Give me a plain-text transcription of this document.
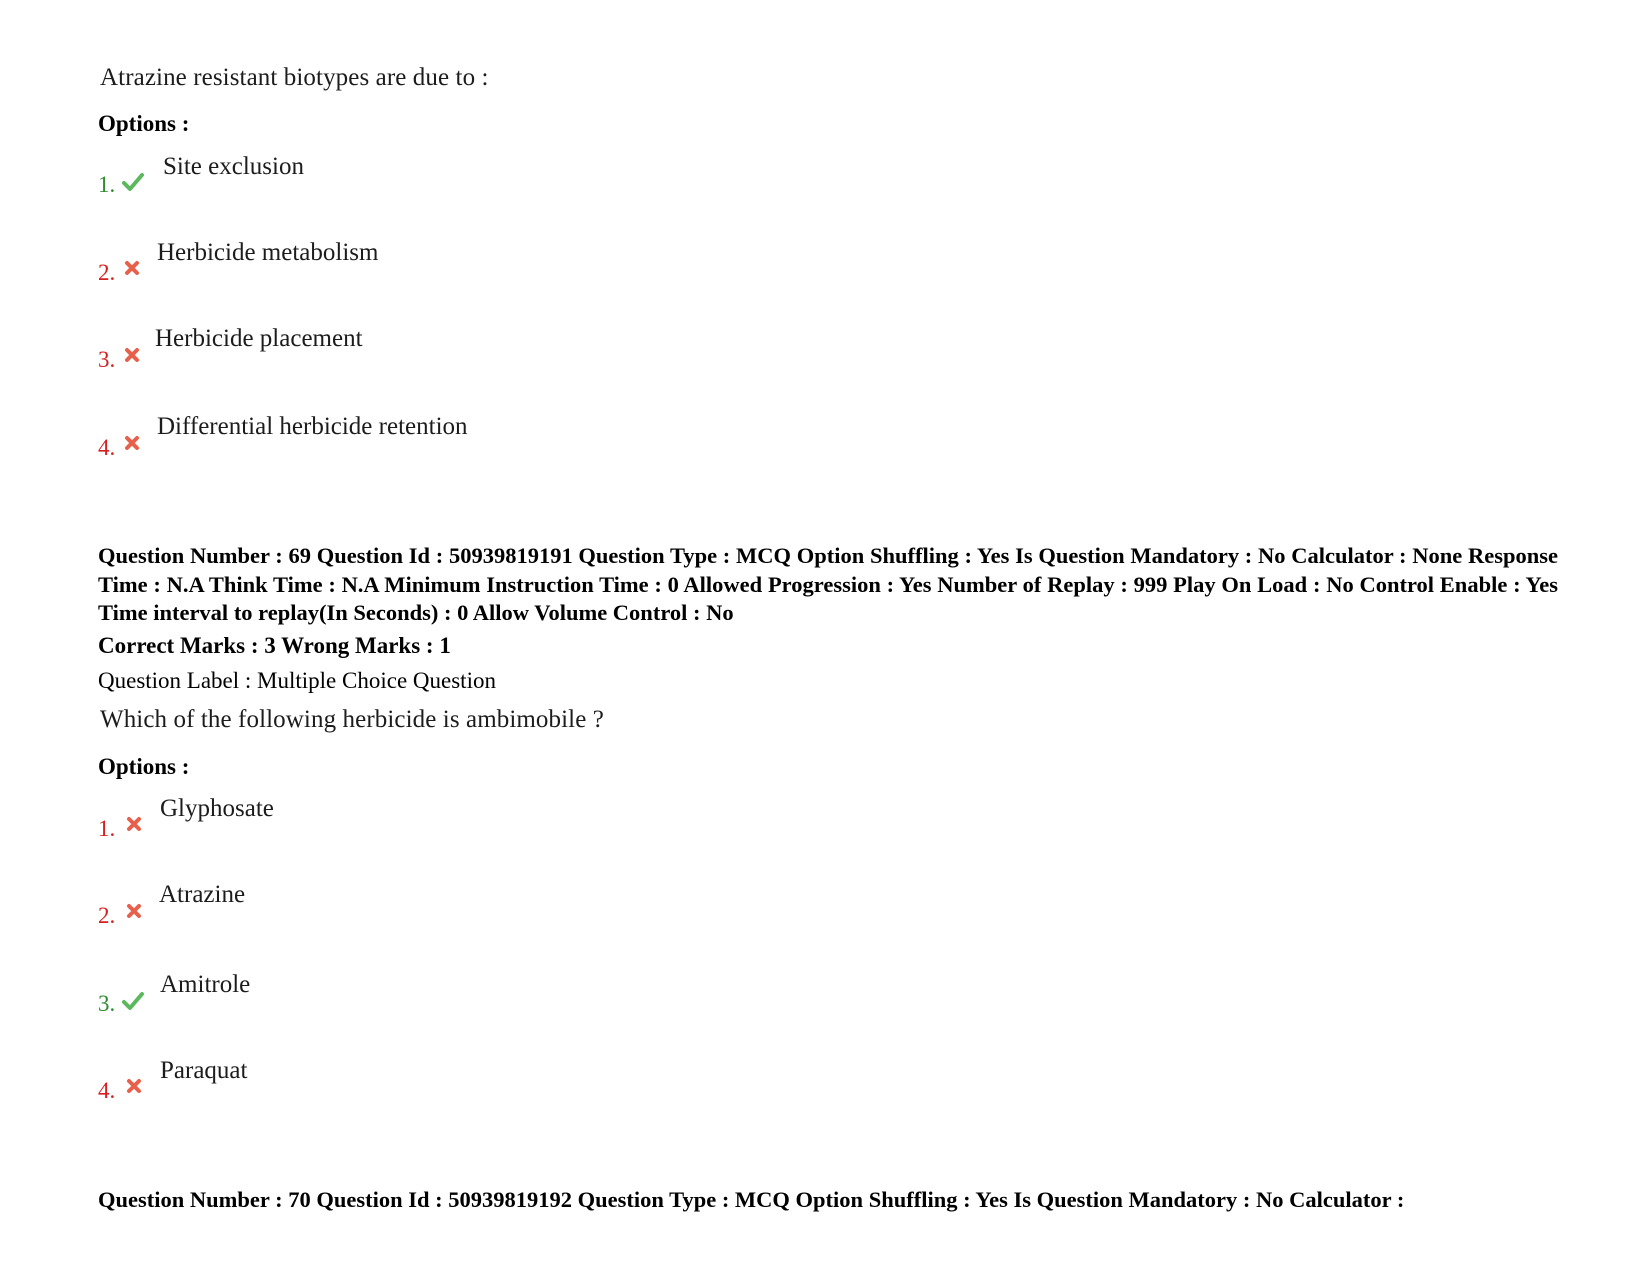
Atrazine resistant biotypes are due to :
Options :
1.
Site exclusion
2.
Herbicide metabolism
3.
Herbicide placement
4.
Differential herbicide retention
Question Number : 69 Question Id : 50939819191 Question Type : MCQ Option Shuffling : Yes Is Question Mandatory : No Calculator : None Response Time : N.A Think Time : N.A Minimum Instruction Time : 0 Allowed Progression : Yes Number of Replay : 999 Play On Load : No Control Enable : Yes Time interval to replay(In Seconds) : 0 Allow Volume Control : No
Correct Marks : 3 Wrong Marks : 1
Question Label : Multiple Choice Question
Which of the following herbicide is ambimobile ?
Options :
1.
Glyphosate
2.
Atrazine
3.
Amitrole
4.
Paraquat
Question Number : 70 Question Id : 50939819192 Question Type : MCQ Option Shuffling : Yes Is Question Mandatory : No Calculator :
